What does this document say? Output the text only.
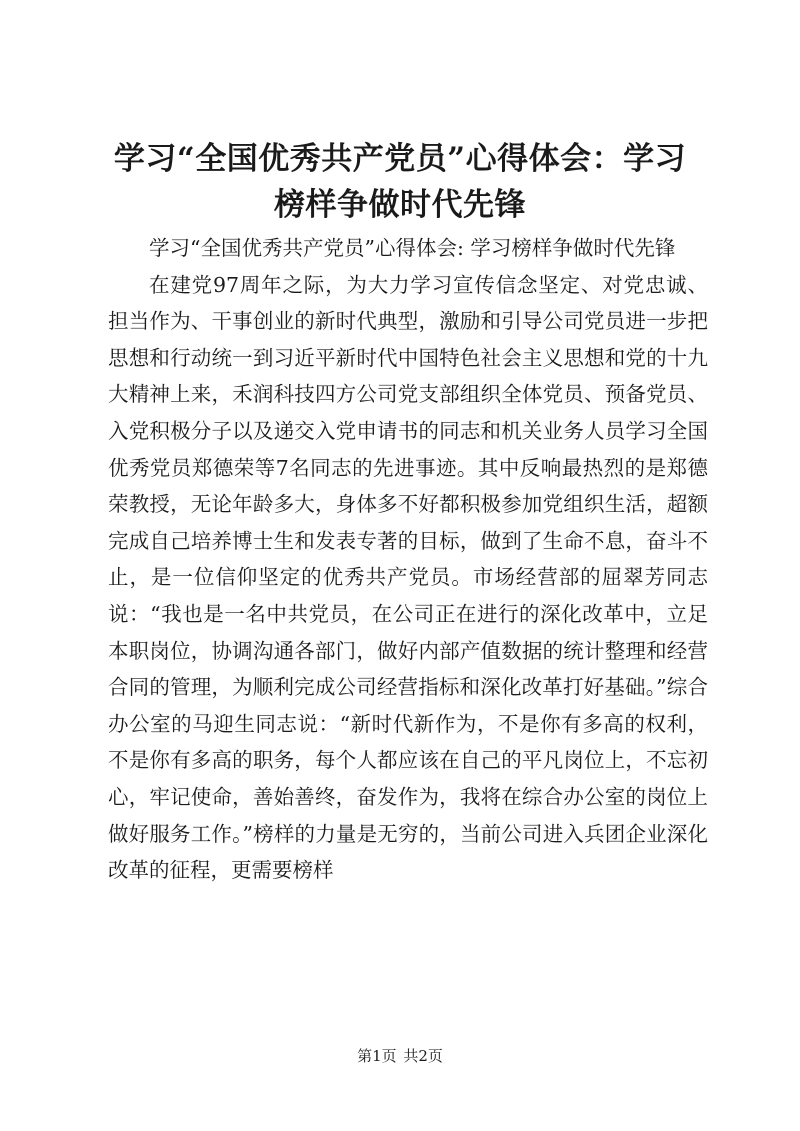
学习“全国优秀共产党员”心得体会：学习榜样争做时代先锋

学习“全国优秀共产党员”心得体会: 学习榜样争做时代先锋

在建党97周年之际，为大力学习宣传信念坚定、对党忠诚、担当作为、干事创业的新时代典型，激励和引导公司党员进一步把思想和行动统一到习近平新时代中国特色社会主义思想和党的十九大精神上来，禾润科技四方公司党支部组织全体党员、预备党员、入党积极分子以及递交入党申请书的同志和机关业务人员学习全国优秀党员郑德荣等7名同志的先进事迹。其中反响最热烈的是郑德荣教授，无论年龄多大，身体多不好都积极参加党组织生活，超额完成自己培养博士生和发表专著的目标，做到了生命不息，奋斗不止，是一位信仰坚定的优秀共产党员。市场经营部的屈翠芳同志说：“我也是一名中共党员，在公司正在进行的深化改革中，立足本职岗位，协调沟通各部门，做好内部产值数据的统计整理和经营合同的管理，为顺利完成公司经营指标和深化改革打好基础。”综合办公室的马迎生同志说：“新时代新作为，不是你有多高的权利，不是你有多高的职务，每个人都应该在自己的平凡岗位上，不忘初心，牢记使命，善始善终，奋发作为，我将在综合办公室的岗位上做好服务工作。”榜样的力量是无穷的，当前公司进入兵团企业深化改革的征程，更需要榜样

第1页 共2页
